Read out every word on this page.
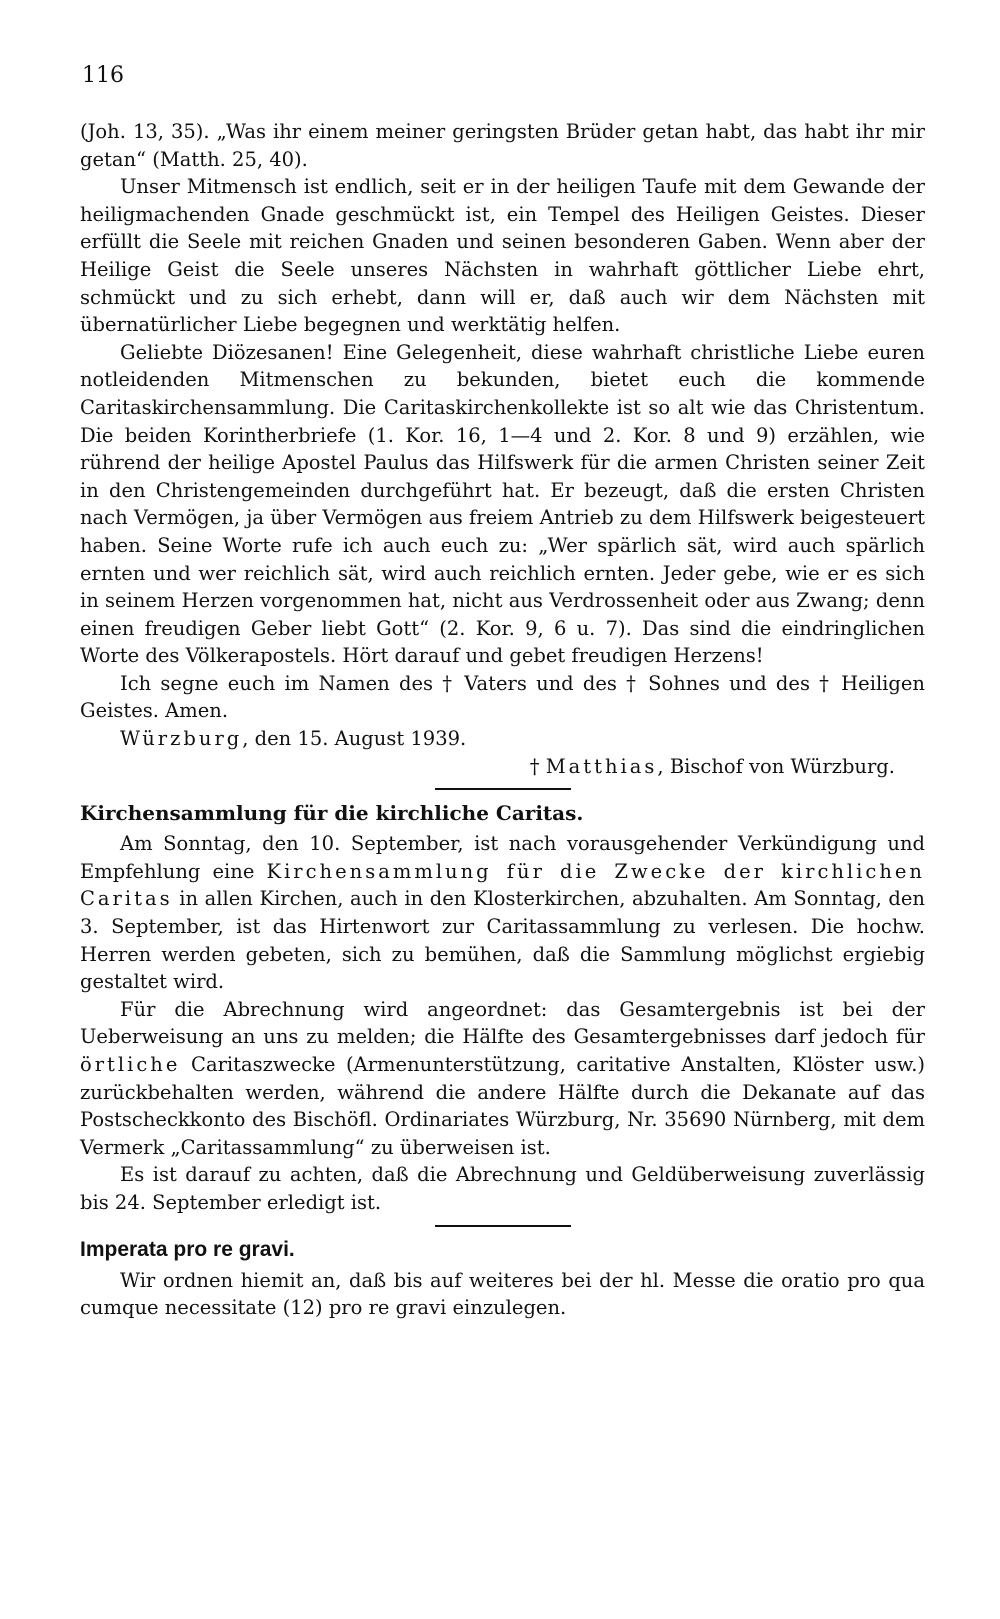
116

(Joh. 13, 35). „Was ihr einem meiner geringsten Brüder getan habt, das habt ihr mir getan“ (Matth. 25, 40).

Unser Mitmensch ist endlich, seit er in der heiligen Taufe mit dem Gewande der heiligmachenden Gnade geschmückt ist, ein Tempel des Heiligen Geistes. Dieser erfüllt die Seele mit reichen Gnaden und seinen besonderen Gaben. Wenn aber der Heilige Geist die Seele unseres Nächsten in wahrhaft göttlicher Liebe ehrt, schmückt und zu sich erhebt, dann will er, daß auch wir dem Nächsten mit übernatürlicher Liebe begegnen und werktätig helfen.

Geliebte Diözesanen! Eine Gelegenheit, diese wahrhaft christliche Liebe euren notleidenden Mitmenschen zu bekunden, bietet euch die kommende Caritaskirchensammlung. Die Caritaskirchenkollekte ist so alt wie das Christentum. Die beiden Korintherbriefe (1. Kor. 16, 1—4 und 2. Kor. 8 und 9) erzählen, wie rührend der heilige Apostel Paulus das Hilfswerk für die armen Christen seiner Zeit in den Christengemeinden durchgeführt hat. Er bezeugt, daß die ersten Christen nach Vermögen, ja über Vermögen aus freiem Antrieb zu dem Hilfswerk beigesteuert haben. Seine Worte rufe ich auch euch zu: „Wer spärlich sät, wird auch spärlich ernten und wer reichlich sät, wird auch reichlich ernten. Jeder gebe, wie er es sich in seinem Herzen vorgenommen hat, nicht aus Verdrossenheit oder aus Zwang; denn einen freudigen Geber liebt Gott“ (2. Kor. 9, 6 u. 7). Das sind die eindringlichen Worte des Völkerapostels. Hört darauf und gebet freudigen Herzens!

Ich segne euch im Namen des † Vaters und des † Sohnes und des † Heiligen Geistes. Amen.

Würzburg, den 15. August 1939.

† Matthias, Bischof von Würzburg.

Kirchensammlung für die kirchliche Caritas.

Am Sonntag, den 10. September, ist nach vorausgehender Verkündigung und Empfehlung eine Kirchensammlung für die Zwecke der kirchlichen Caritas in allen Kirchen, auch in den Klosterkirchen, abzuhalten. Am Sonntag, den 3. September, ist das Hirtenwort zur Caritassammlung zu verlesen. Die hochw. Herren werden gebeten, sich zu bemühen, daß die Sammlung möglichst ergiebig gestaltet wird.

Für die Abrechnung wird angeordnet: das Gesamtergebnis ist bei der Ueberweisung an uns zu melden; die Hälfte des Gesamtergebnisses darf jedoch für örtliche Caritaszwecke (Armenunterstützung, caritative Anstalten, Klöster usw.) zurückbehalten werden, während die andere Hälfte durch die Dekanate auf das Postscheckkonto des Bischöfl. Ordinariates Würzburg, Nr. 35690 Nürnberg, mit dem Vermerk „Caritassammlung“ zu überweisen ist.

Es ist darauf zu achten, daß die Abrechnung und Geldüberweisung zuverlässig bis 24. September erledigt ist.

Imperata pro re gravi.

Wir ordnen hiemit an, daß bis auf weiteres bei der hl. Messe die oratio pro qua cumque necessitate (12) pro re gravi einzulegen.
